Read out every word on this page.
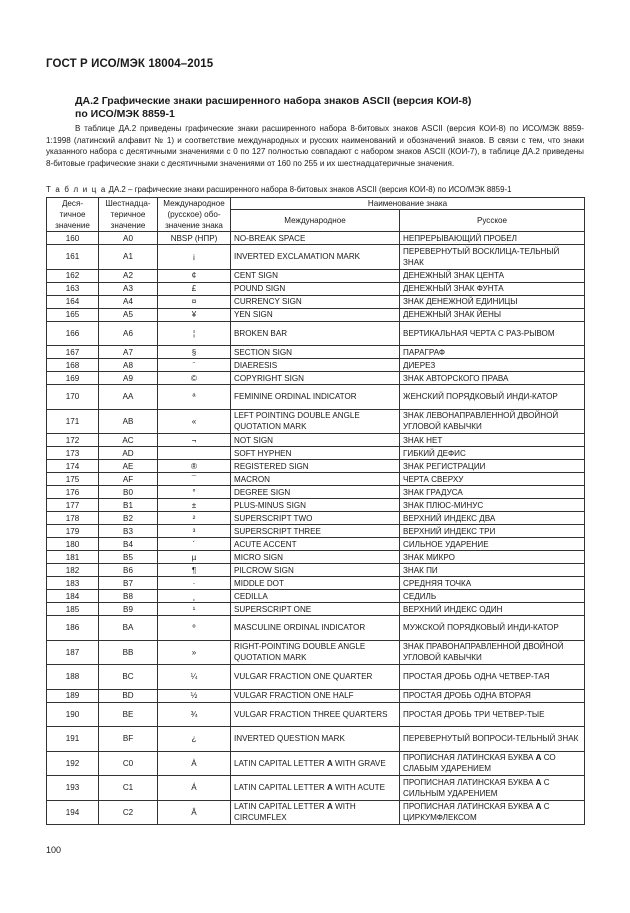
ГОСТ Р ИСО/МЭК 18004–2015
ДА.2 Графические знаки расширенного набора знаков ASCII (версия КОИ-8)
по ИСО/МЭК 8859-1

В таблице ДА.2 приведены графические знаки расширенного набора 8-битовых знаков ASCII (версия КОИ-8) по ИСО/МЭК 8859-1:1998 (латинский алфавит № 1) и соответствие международных и русских наименований и обозначений знаков. В связи с тем, что знаки указанного набора с десятичными значениями с 0 по 127 полностью совпадают с набором знаков ASCII (КОИ-7), в таблице ДА.2 приведены 8-битовые графические знаки с десятичными значениями от 160 по 255 и их шестнадцатеричные значения.

Т а б л и ц а ДА.2 – графические знаки расширенного набора 8-битовых знаков ASCII (версия КОИ-8) по ИСО/МЭК 8859-1
Деся-тичное значение	Шестнадца-теричное значение	Международное (русское) обо-значение знака	Наименование знака	
			Международное	Русское
160	A0	NBSP (НПР)	NO-BREAK SPACE	НЕПРЕРЫВАЮЩИЙ ПРОБЕЛ
161	A1	¡	INVERTED EXCLAMATION MARK	ПЕРЕВЕРНУТЫЙ ВОСКЛИЦА-ТЕЛЬНЫЙ ЗНАК
162	A2	¢	CENT SIGN	ДЕНЕЖНЫЙ ЗНАК ЦЕНТА
163	A3	£	POUND SIGN	ДЕНЕЖНЫЙ ЗНАК ФУНТА
164	A4	¤	CURRENCY SIGN	ЗНАК ДЕНЕЖНОЙ ЕДИНИЦЫ
165	A5	¥	YEN SIGN	ДЕНЕЖНЫЙ ЗНАК ЙЕНЫ
166	A6	¦	BROKEN BAR	ВЕРТИКАЛЬНАЯ ЧЕРТА С РАЗ-РЫВОМ
167	A7	§	SECTION SIGN	ПАРАГРАФ
168	A8	¨	DIAERESIS	ДИЕРЕЗ
169	A9	©	COPYRIGHT SIGN	ЗНАК АВТОРСКОГО ПРАВА
170	AA	ª	FEMININE ORDINAL INDICATOR	ЖЕНСКИЙ ПОРЯДКОВЫЙ ИНДИ-КАТОР
171	AB	«	LEFT POINTING DOUBLE ANGLE QUOTATION MARK	ЗНАК ЛЕВОНАПРАВЛЕННОЙ ДВОЙНОЙ УГЛОВОЙ КАВЫЧКИ
172	AC	¬	NOT SIGN	ЗНАК НЕТ
173	AD		SOFT HYPHEN	ГИБКИЙ ДЕФИС
174	AE	®	REGISTERED SIGN	ЗНАК РЕГИСТРАЦИИ
175	AF	¯	MACRON	ЧЕРТА СВЕРХУ
176	B0	°	DEGREE SIGN	ЗНАК ГРАДУСА
177	B1	±	PLUS-MINUS SIGN	ЗНАК ПЛЮС-МИНУС
178	B2	²	SUPERSCRIPT TWO	ВЕРХНИЙ ИНДЕКС ДВА
179	B3	³	SUPERSCRIPT THREE	ВЕРХНИЙ ИНДЕКС ТРИ
180	B4	´	ACUTE ACCENT	СИЛЬНОЕ УДАРЕНИЕ
181	B5	µ	MICRO SIGN	ЗНАК МИКРО
182	B6	¶	PILCROW SIGN	ЗНАК ПИ
183	B7	·	MIDDLE DOT	СРЕДНЯЯ ТОЧКА
184	B8	¸	CEDILLA	СЕДИЛЬ
185	B9	¹	SUPERSCRIPT ONE	ВЕРХНИЙ ИНДЕКС ОДИН
186	BA	º	MASCULINE ORDINAL INDICATOR	МУЖСКОЙ ПОРЯДКОВЫЙ ИНДИ-КАТОР
187	BB	»	RIGHT-POINTING DOUBLE ANGLE QUOTATION MARK	ЗНАК ПРАВОНАПРАВЛЕННОЙ ДВОЙНОЙ УГЛОВОЙ КАВЫЧКИ
188	BC	¼	VULGAR FRACTION ONE QUARTER	ПРОСТАЯ ДРОБЬ ОДНА ЧЕТВЕР-ТАЯ
189	BD	½	VULGAR FRACTION ONE HALF	ПРОСТАЯ ДРОБЬ ОДНА ВТОРАЯ
190	BE	¾	VULGAR FRACTION THREE QUARTERS	ПРОСТАЯ ДРОБЬ ТРИ ЧЕТВЕР-ТЫЕ
191	BF	¿	INVERTED QUESTION MARK	ПЕРЕВЕРНУТЫЙ ВОПРОСИ-ТЕЛЬНЫЙ ЗНАК
192	C0	À	LATIN CAPITAL LETTER A WITH GRAVE	ПРОПИСНАЯ ЛАТИНСКАЯ БУКВА A СО СЛАБЫМ УДАРЕНИЕМ
193	C1	Á	LATIN CAPITAL LETTER A WITH ACUTE	ПРОПИСНАЯ ЛАТИНСКАЯ БУКВА A С СИЛЬНЫМ УДАРЕНИЕМ
194	C2	Â	LATIN CAPITAL LETTER A WITH CIRCUMFLEX	ПРОПИСНАЯ ЛАТИНСКАЯ БУКВА A С ЦИРКУМФЛЕКСОМ
100
